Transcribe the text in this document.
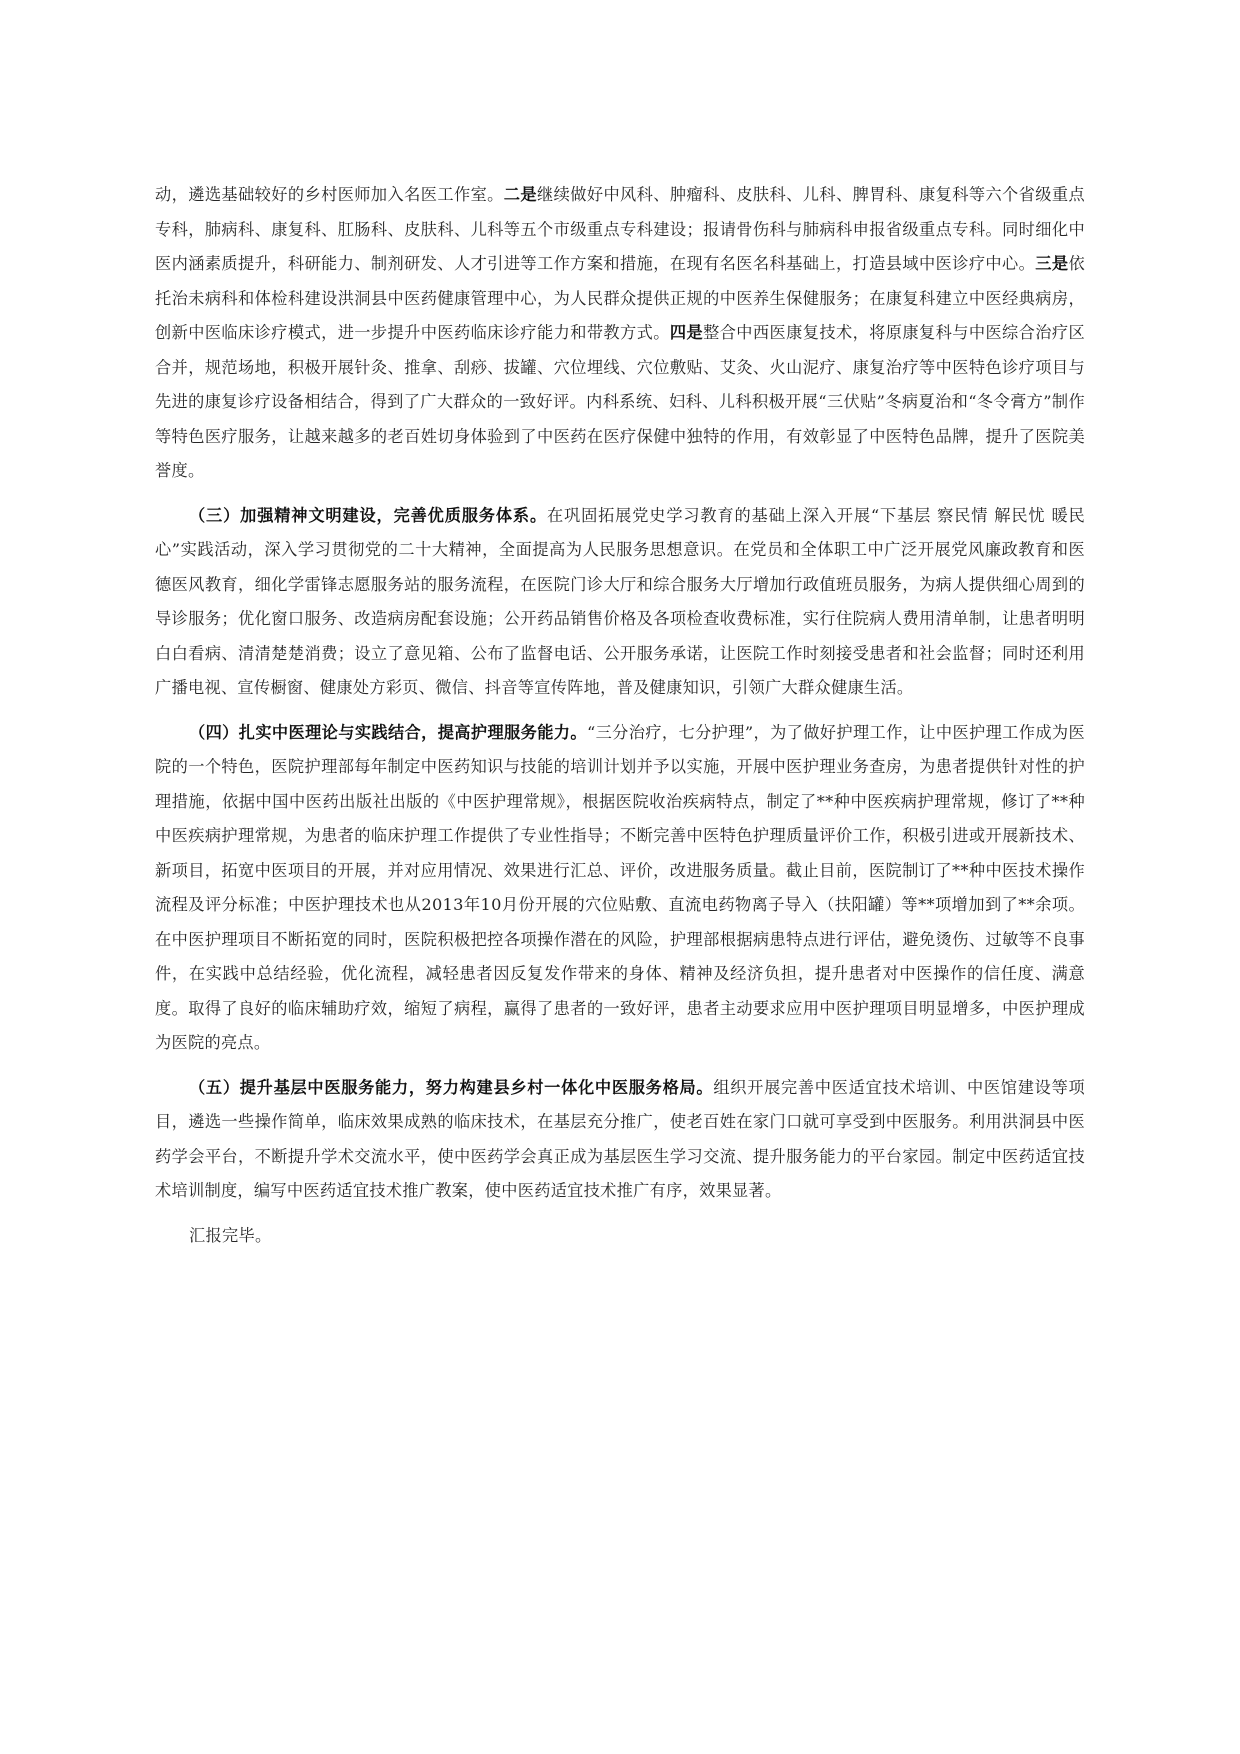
动，遴选基础较好的乡村医师加入名医工作室。二是继续做好中风科、肿瘤科、皮肤科、儿科、脾胃科、康复科等六个省级重点专科，肺病科、康复科、肛肠科、皮肤科、儿科等五个市级重点专科建设；报请骨伤科与肺病科申报省级重点专科。同时细化中医内涵素质提升，科研能力、制剂研发、人才引进等工作方案和措施，在现有名医名科基础上，打造县域中医诊疗中心。三是依托治未病科和体检科建设洪洞县中医药健康管理中心，为人民群众提供正规的中医养生保健服务；在康复科建立中医经典病房，创新中医临床诊疗模式，进一步提升中医药临床诊疗能力和带教方式。四是整合中西医康复技术，将原康复科与中医综合治疗区合并，规范场地，积极开展针灸、推拿、刮痧、拔罐、穴位埋线、穴位敷贴、艾灸、火山泥疗、康复治疗等中医特色诊疗项目与先进的康复诊疗设备相结合，得到了广大群众的一致好评。内科系统、妇科、儿科积极开展“三伏贴”冬病夏治和“冬令膏方”制作等特色医疗服务，让越来越多的老百姓切身体验到了中医药在医疗保健中独特的作用，有效彰显了中医特色品牌，提升了医院美誉度。

（三）加强精神文明建设，完善优质服务体系。在巩固拓展党史学习教育的基础上深入开展“下基层 察民情 解民忧 暖民心”实践活动，深入学习贯彻党的二十大精神，全面提高为人民服务思想意识。在党员和全体职工中广泛开展党风廉政教育和医德医风教育，细化学雷锋志愿服务站的服务流程，在医院门诊大厅和综合服务大厅增加行政值班员服务，为病人提供细心周到的导诊服务；优化窗口服务、改造病房配套设施；公开药品销售价格及各项检查收费标准，实行住院病人费用清单制，让患者明明白白看病、清清楚楚消费；设立了意见箱、公布了监督电话、公开服务承诺，让医院工作时刻接受患者和社会监督；同时还利用广播电视、宣传橱窗、健康处方彩页、微信、抖音等宣传阵地，普及健康知识，引领广大群众健康生活。

（四）扎实中医理论与实践结合，提高护理服务能力。“三分治疗，七分护理”，为了做好护理工作，让中医护理工作成为医院的一个特色，医院护理部每年制定中医药知识与技能的培训计划并予以实施，开展中医护理业务查房，为患者提供针对性的护理措施，依据中国中医药出版社出版的《中医护理常规》，根据医院收治疾病特点，制定了**种中医疾病护理常规，修订了**种中医疾病护理常规，为患者的临床护理工作提供了专业性指导；不断完善中医特色护理质量评价工作，积极引进或开展新技术、新项目，拓宽中医项目的开展，并对应用情况、效果进行汇总、评价，改进服务质量。截止目前，医院制订了**种中医技术操作流程及评分标准；中医护理技术也从2013年10月份开展的穴位贴敷、直流电药物离子导入（扶阳罐）等**项增加到了**余项。在中医护理项目不断拓宽的同时，医院积极把控各项操作潜在的风险，护理部根据病患特点进行评估，避免烫伤、过敏等不良事件，在实践中总结经验，优化流程，减轻患者因反复发作带来的身体、精神及经济负担，提升患者对中医操作的信任度、满意度。取得了良好的临床辅助疗效，缩短了病程，赢得了患者的一致好评，患者主动要求应用中医护理项目明显增多，中医护理成为医院的亮点。

（五）提升基层中医服务能力，努力构建县乡村一体化中医服务格局。组织开展完善中医适宜技术培训、中医馆建设等项目，遴选一些操作简单，临床效果成熟的临床技术，在基层充分推广，使老百姓在家门口就可享受到中医服务。利用洪洞县中医药学会平台，不断提升学术交流水平，使中医药学会真正成为基层医生学习交流、提升服务能力的平台家园。制定中医药适宜技术培训制度，编写中医药适宜技术推广教案，使中医药适宜技术推广有序，效果显著。

汇报完毕。
